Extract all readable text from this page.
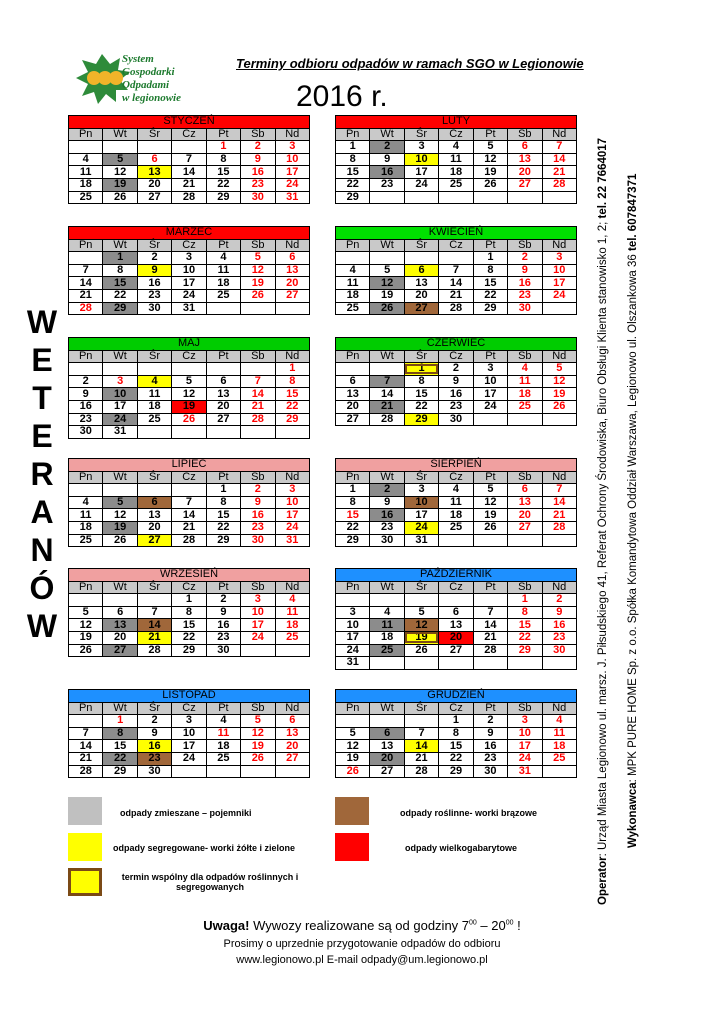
System
Gospodarki
Odpadami
w legionowie
Terminy odbioru odpadów w ramach SGO w Legionowie
2016 r.
W
E
T
E
R
A
N
Ó
W
Operator: Urząd Miasta Legionowo ul. marsz. J. Piłsudskiego 41, Referat Ochrony Środowiska, Biuro Obsługi Klienta stanowisko 1, 2; tel. 22 7664017
Wykonawca: MPK PURE HOME Sp. z o.o. Spółka Komandytowa Oddział Warszawa, Legionowo ul. Olszankowa 36 tel. 607847371
STYCZEŃ						
Pn	Wt	Śr	Cz	Pt	Sb	Nd
				1	2	3
4	5	6	7	8	9	10
11	12	13	14	15	16	17
18	19	20	21	22	23	24
25	26	27	28	29	30	31
LUTY						
Pn	Wt	Śr	Cz	Pt	Sb	Nd
1	2	3	4	5	6	7
8	9	10	11	12	13	14
15	16	17	18	19	20	21
22	23	24	25	26	27	28
29						
MARZEC						
Pn	Wt	Śr	Cz	Pt	Sb	Nd
	1	2	3	4	5	6
7	8	9	10	11	12	13
14	15	16	17	18	19	20
21	22	23	24	25	26	27
28	29	30	31			
KWIECIEŃ						
Pn	Wt	Śr	Cz	Pt	Sb	Nd
				1	2	3
4	5	6	7	8	9	10
11	12	13	14	15	16	17
18	19	20	21	22	23	24
25	26	27	28	29	30	
MAJ						
Pn	Wt	Śr	Cz	Pt	Sb	Nd
						1
2	3	4	5	6	7	8
9	10	11	12	13	14	15
16	17	18	19	20	21	22
23	24	25	26	27	28	29
30	31					
CZERWIEC						
Pn	Wt	Śr	Cz	Pt	Sb	Nd
		1	2	3	4	5
6	7	8	9	10	11	12
13	14	15	16	17	18	19
20	21	22	23	24	25	26
27	28	29	30			
LIPIEC						
Pn	Wt	Śr	Cz	Pt	Sb	Nd
				1	2	3
4	5	6	7	8	9	10
11	12	13	14	15	16	17
18	19	20	21	22	23	24
25	26	27	28	29	30	31
SIERPIEŃ						
Pn	Wt	Śr	Cz	Pt	Sb	Nd
1	2	3	4	5	6	7
8	9	10	11	12	13	14
15	16	17	18	19	20	21
22	23	24	25	26	27	28
29	30	31				
WRZESIEŃ						
Pn	Wt	Śr	Cz	Pt	Sb	Nd
			1	2	3	4
5	6	7	8	9	10	11
12	13	14	15	16	17	18
19	20	21	22	23	24	25
26	27	28	29	30		
PAŹDZIERNIK						
Pn	Wt	Śr	Cz	Pt	Sb	Nd
					1	2
3	4	5	6	7	8	9
10	11	12	13	14	15	16
17	18	19	20	21	22	23
24	25	26	27	28	29	30
31						
LISTOPAD						
Pn	Wt	Śr	Cz	Pt	Sb	Nd
	1	2	3	4	5	6
7	8	9	10	11	12	13
14	15	16	17	18	19	20
21	22	23	24	25	26	27
28	29	30				
GRUDZIEŃ						
Pn	Wt	Śr	Cz	Pt	Sb	Nd
			1	2	3	4
5	6	7	8	9	10	11
12	13	14	15	16	17	18
19	20	21	22	23	24	25
26	27	28	29	30	31	
odpady zmieszane – pojemniki	odpady roślinne- worki brązowe
odpady segregowane- worki żółte i zielone	odpady wielkogabarytowe
termin wspólny dla odpadów roślinnych i segregowanych
Uwaga! Wywozy realizowane są od godziny $7^{00} - 20^{00}$ !
Prosimy o uprzednie przygotowanie odpadów do odbioru
www.legionowo.pl E-mail odpady@um.legionowo.pl
